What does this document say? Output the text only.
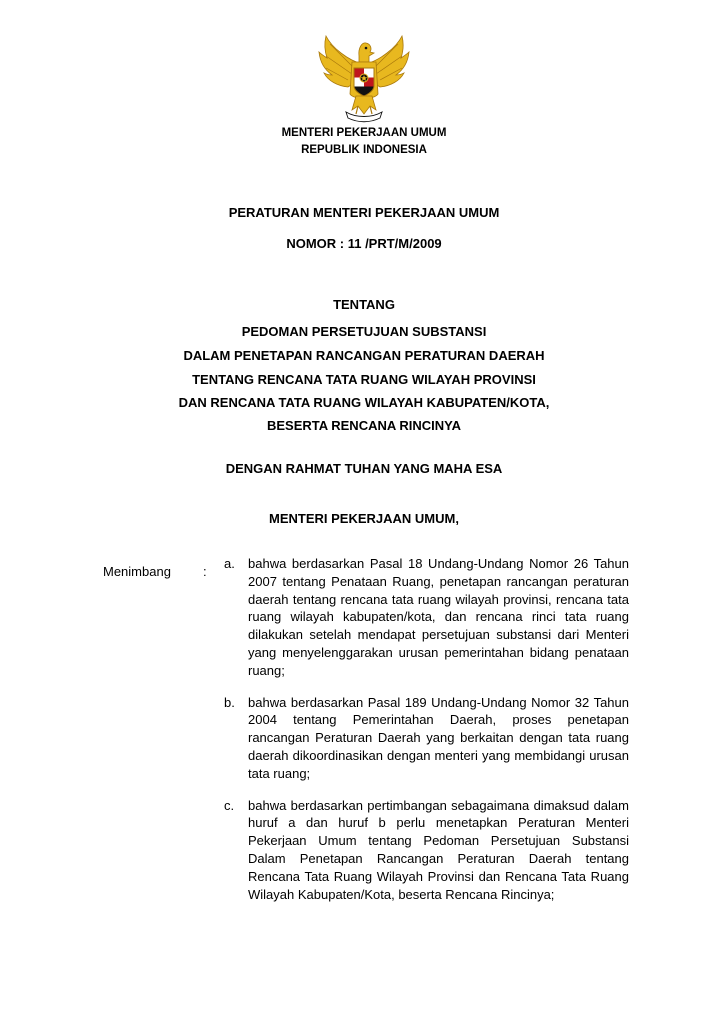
MENTERI PEKERJAAN UMUM
REPUBLIK INDONESIA
PERATURAN MENTERI PEKERJAAN UMUM
NOMOR : 11 /PRT/M/2009
TENTANG
PEDOMAN PERSETUJUAN SUBSTANSI
DALAM PENETAPAN RANCANGAN PERATURAN DAERAH
TENTANG RENCANA TATA RUANG WILAYAH PROVINSI
DAN RENCANA TATA RUANG WILAYAH KABUPATEN/KOTA,
BESERTA RENCANA RINCINYA
DENGAN RAHMAT TUHAN YANG MAHA ESA
MENTERI PEKERJAAN UMUM,
Menimbang :
a.	bahwa berdasarkan Pasal 18 Undang-Undang Nomor 26 Tahun 2007 tentang Penataan Ruang, penetapan rancangan peraturan daerah tentang rencana tata ruang wilayah provinsi, rencana tata ruang wilayah kabupaten/kota, dan rencana rinci tata ruang dilakukan setelah mendapat persetujuan substansi dari Menteri yang menyelenggarakan urusan pemerintahan bidang penataan ruang;
b.	bahwa berdasarkan Pasal 189 Undang-Undang Nomor 32 Tahun 2004 tentang Pemerintahan Daerah, proses penetapan rancangan Peraturan Daerah yang berkaitan dengan tata ruang daerah dikoordinasikan dengan menteri yang membidangi urusan tata ruang;
c.	bahwa berdasarkan pertimbangan sebagaimana dimaksud dalam huruf a dan huruf b perlu menetapkan Peraturan Menteri Pekerjaan Umum tentang Pedoman Persetujuan Substansi Dalam Penetapan Rancangan Peraturan Daerah tentang Rencana Tata Ruang Wilayah Provinsi dan Rencana Tata Ruang Wilayah Kabupaten/Kota, beserta Rencana Rincinya;
